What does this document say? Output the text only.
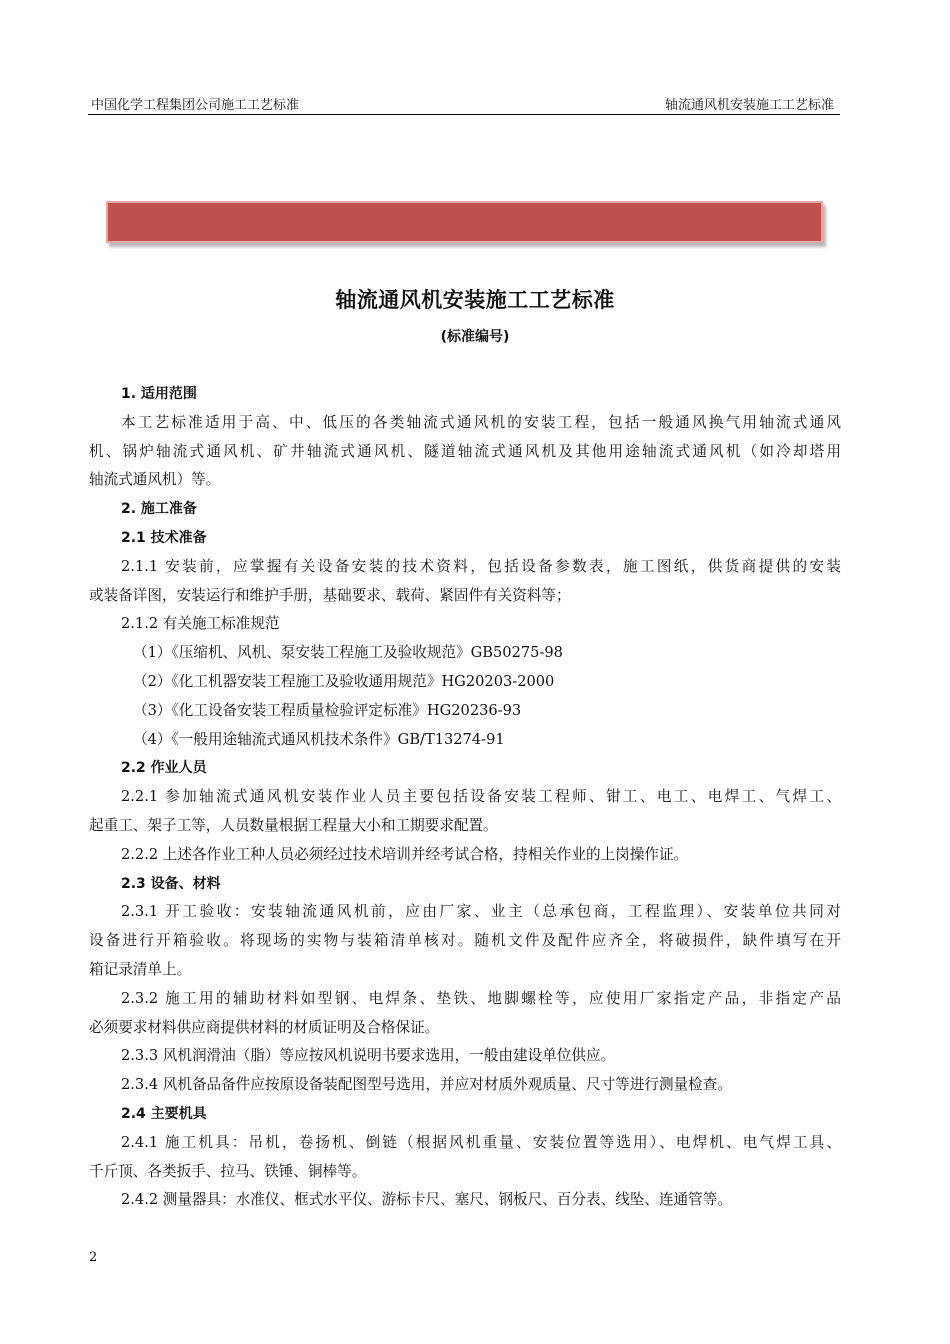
中国化学工程集团公司施工工艺标准	轴流通风机安装施工工艺标准
轴流通风机安装施工工艺标准
(标准编号)
1. 适用范围
本工艺标准适用于高、中、低压的各类轴流式通风机的安装工程，包括一般通风换气用轴流式通风
机、锅炉轴流式通风机、矿井轴流式通风机、隧道轴流式通风机及其他用途轴流式通风机（如冷却塔用
轴流式通风机）等。
2. 施工准备
2.1 技术准备
2.1.1 安装前，应掌握有关设备安装的技术资料，包括设备参数表，施工图纸，供货商提供的安装
或装备详图，安装运行和维护手册，基础要求、载荷、紧固件有关资料等；
2.1.2 有关施工标准规范
（1）《压缩机、风机、泵安装工程施工及验收规范》GB50275-98
（2）《化工机器安装工程施工及验收通用规范》HG20203-2000
（3）《化工设备安装工程质量检验评定标准》HG20236-93
（4）《一般用途轴流式通风机技术条件》GB/T13274-91
2.2 作业人员
2.2.1 参加轴流式通风机安装作业人员主要包括设备安装工程师、钳工、电工、电焊工、气焊工、
起重工、架子工等，人员数量根据工程量大小和工期要求配置。
2.2.2 上述各作业工种人员必须经过技术培训并经考试合格，持相关作业的上岗操作证。
2.3 设备、材料
2.3.1 开工验收：安装轴流通风机前，应由厂家、业主（总承包商，工程监理）、安装单位共同对
设备进行开箱验收。将现场的实物与装箱清单核对。随机文件及配件应齐全，将破损件，缺件填写在开
箱记录清单上。
2.3.2 施工用的辅助材料如型钢、电焊条、垫铁、地脚螺栓等，应使用厂家指定产品，非指定产品
必须要求材料供应商提供材料的材质证明及合格保证。
2.3.3 风机润滑油（脂）等应按风机说明书要求选用，一般由建设单位供应。
2.3.4 风机备品备件应按原设备装配图型号选用，并应对材质外观质量、尺寸等进行测量检查。
2.4 主要机具
2.4.1 施工机具：吊机，卷扬机、倒链（根据风机重量、安装位置等选用）、电焊机、电气焊工具、
千斤顶、各类扳手、拉马、铁锤、铜棒等。
2.4.2 测量器具：水准仪、框式水平仪、游标卡尺、塞尺、钢板尺、百分表、线坠、连通管等。
2
